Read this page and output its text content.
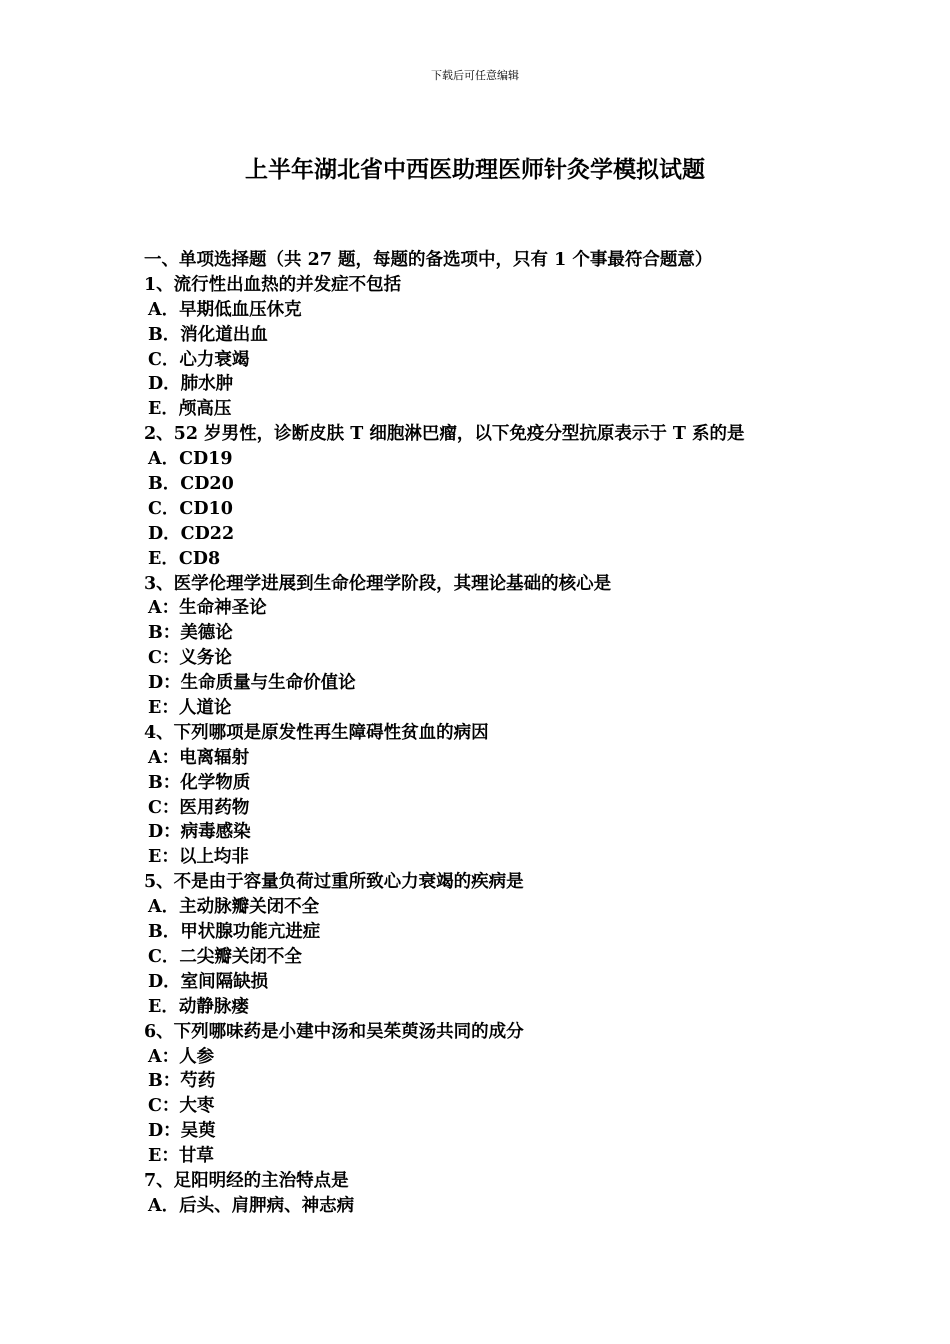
下载后可任意编辑
上半年湖北省中西医助理医师针灸学模拟试题
一、单项选择题（共 27 题，每题的备选项中，只有 1 个事最符合题意）
1、流行性出血热的并发症不包括
A．早期低血压休克
B．消化道出血
C．心力衰竭
D．肺水肿
E．颅高压
2、52 岁男性，诊断皮肤 T 细胞淋巴瘤，以下免疫分型抗原表示于 T 系的是
A．CD19
B．CD20
C．CD10
D．CD22
E．CD8
3、医学伦理学进展到生命伦理学阶段，其理论基础的核心是
A：生命神圣论
B：美德论
C：义务论
D：生命质量与生命价值论
E：人道论
4、下列哪项是原发性再生障碍性贫血的病因
A：电离辐射
B：化学物质
C：医用药物
D：病毒感染
E：以上均非
5、不是由于容量负荷过重所致心力衰竭的疾病是
A．主动脉瓣关闭不全
B．甲状腺功能亢进症
C．二尖瓣关闭不全
D．室间隔缺损
E．动静脉瘘
6、下列哪味药是小建中汤和吴茱萸汤共同的成分
A：人参
B：芍药
C：大枣
D：吴萸
E：甘草
7、足阳明经的主治特点是
A．后头、肩胛病、神志病
